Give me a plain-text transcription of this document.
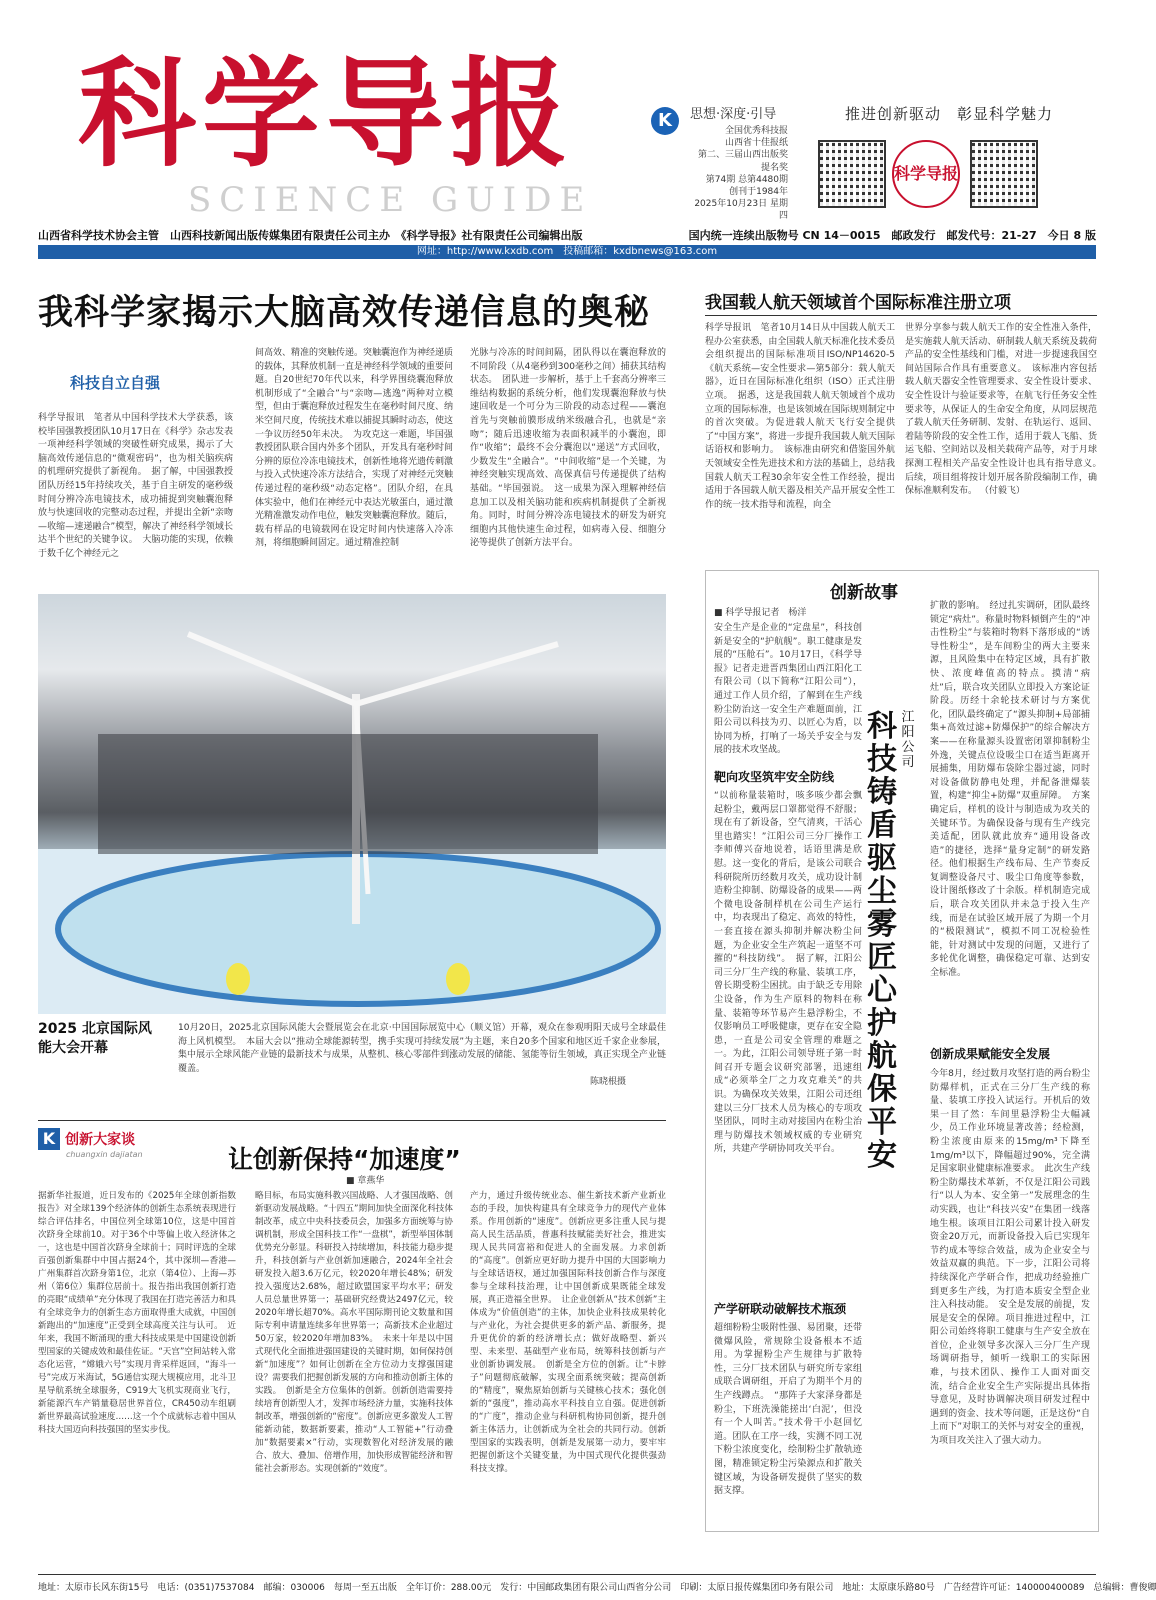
科学导报
SCIENCE GUIDE
K	思想·深度·引导
全国优秀科技报
山西省十佳报纸
第二、三届山西出版奖提名奖
第74期 总第4480期
创刊于1984年
2025年10月23日 星期四
推进创新驱动　彰显科学魅力
科学导报
山西省科学技术协会主管　山西科技新闻出版传媒集团有限责任公司主办　《科学导报》社有限责任公司编辑出版	国内统一连续出版物号 CN 14－0015　邮政发行　邮发代号：21-27　今日 8 版
网址：http://www.kxdb.com　投稿邮箱：kxdbnews@163.com
我科学家揭示大脑高效传递信息的奥秘
科技自立自强
科学导报讯　笔者从中国科学技术大学获悉，该校毕国强教授团队10月17日在《科学》杂志发表一项神经科学领域的突破性研究成果，揭示了大脑高效传递信息的“微观密码”，也为相关脑疾病的机理研究提供了新视角。　据了解，中国强教授团队历经15年持续攻关，基于自主研发的毫秒级时间分辨冷冻电镜技术，成功捕捉到突触囊泡释放与快速回收的完整动态过程，并提出全新“亲吻—收缩—速递融合”模型，解决了神经科学领域长达半个世纪的关键争议。　大脑功能的实现，依赖于数千亿个神经元之
间高效、精准的突触传递。突触囊泡作为神经递质的载体，其释放机制一直是神经科学领域的重要问题。自20世纪70年代以来，科学界围绕囊泡释放机制形成了“全融合”与“亲吻—逃逸”两种对立模型，但由于囊泡释放过程发生在毫秒时间尺度、纳米空间尺度，传统技术难以捕捉其瞬时动态，使这一争议历经50年未决。　为攻克这一难题，毕国强教授团队联合国内外多个团队，开发具有毫秒时间分辨的原位冷冻电镜技术，创新性地将光遗传刺激与投入式快速冷冻方法结合，实现了对神经元突触传递过程的毫秒级“动态定格”。团队介绍，在具体实验中，他们在神经元中表达光敏蛋白，通过激光精准激发动作电位，触发突触囊泡释放。随后，载有样品的电镜载网在设定时间内快速落入冷冻剂，将细胞瞬间固定。通过精准控制
光脉与冷冻的时间间隔，团队得以在囊泡释放的不同阶段（从4毫秒到300毫秒之间）捕获其结构状态。　团队进一步解析，基于上千套高分辨率三维结构数据的系统分析，他们发现囊泡释放与快速回收是一个可分为三阶段的动态过程——囊泡首先与突触前膜形成纳米级融合孔，也就是“亲吻”；随后迅速收缩为表面积减半的小囊泡，即作“收缩”；最终不会分囊泡以“递送”方式回收，少数发生“全融合”。“中间收缩”是一个关键，为神经突触实现高效、高保真信号传递提供了结构基础。“毕国强说。　这一成果为深入理解神经信息加工以及相关脑功能和疾病机制提供了全新视角。同时，时间分辨冷冻电镜技术的研发为研究细胞内其他快速生命过程，如病毒入侵、细胞分泌等提供了创新方法平台。
我国载人航天领域首个国际标准注册立项
科学导报讯　笔者10月14日从中国载人航天工程办公室获悉，由全国载人航天标准化技术委员会组织提出的国际标准项目ISO/NP14620-5《航天系统—安全性要求—第5部分：载人航天器》，近日在国际标准化组织（ISO）正式注册立项。　据悉，这是我国载人航天领域首个成功立项的国际标准，也是该领域在国际规则制定中的首次突破。为促进载人航天飞行安全提供了“中国方案”，将进一步提升我国载人航天国际话语权和影响力。　该标准由研究和借鉴国外航天领域安全性先进技术和方法的基础上，总结我国载人航天工程30余年安全性工作经验，提出适用于各国载人航天器及相关产品开展安全性工作的统一技术指导和流程，向全
世界分享参与载人航天工作的安全性准入条件，是实施载人航天活动、研制载人航天系统及载荷产品的安全性基线和门槛，对进一步提速我国空间站国际合作具有重要意义。　该标准内容包括载人航天器安全性管理要求、安全性设计要求、安全性设计与验证要求等，在航飞行任务安全性要求等，从保证人的生命安全角度，从同层规范了载人航天任务研制、发射、在轨运行、返回、着陆等阶段的安全性工作，适用于载人飞船、货运飞船、空间站以及相关载荷产品等，对于月球探测工程相关产品安全性设计也具有指导意义。　后续，项目组将按计划开展各阶段编制工作，确保标准顺利发布。 （付毅飞）
2025 北京国际风能大会开幕
10月20日，2025北京国际风能大会暨展览会在北京·中国国际展览中心（顺义馆）开幕，观众在参观明阳天成号全球最佳海上风机模型。　本届大会以“推动全球能源转型，携手实现可持续发展”为主题，来自20多个国家和地区近千家企业参展，集中展示全球风能产业链的最新技术与成果，从整机、核心零部件到涨动发展的储能、氢能等衍生领域，真正实现全产业链覆盖。
陈晓根摄
K 创新大家谈
chuangxin dajiatan	让创新保持“加速度”
■ 章燕华
据新华社报道，近日发布的《2025年全球创新指数报告》对全球139个经济体的创新生态系统表现进行综合评估排名，中国位列全球第10位，这是中国首次跻身全球前10。对于36个中等偏上收入经济体之一，这也是中国首次跻身全球前十；同时评选的全球百强创新集群中中国占据24个，其中深圳—香港—广州集群首次跻身第1位，北京（第4位）、上海—苏州（第6位）集群位居前十。报告指出我国创新打造的亮眼“成绩单”充分体现了我国在打造完善活力和具有全球竞争力的创新生态方面取得重大成就，中国创新跑出的“加速度”正受到全球高度关注与认可。　近年来，我国不断涌现的重大科技成果是中国建设创新型国家的关键成效和最佳佐证。“天宫”空间站转入常态化运营，“嫦娥六号”实现月背采样返回，“海斗一号”完成万米海试，5G通信实现大规模应用，北斗卫星导航系统全球服务，C919大飞机实现商业飞行，新能源汽车产销量稳居世界首位，CR450动车组刷新世界最高试验速度……这一个个成就标志着中国从科技大国迈向科技强国的坚实步伐。
略目标，布局实施科教兴国战略、人才强国战略、创新驱动发展战略。“十四五”期间加快全面深化科技体制改革，成立中央科技委员会，加强多方面统筹与协调机制，形成全国科技工作“一盘棋”，新型举国体制优势充分彰显。科研投入持续增加，科技能力稳步提升，科技创新与产业创新加速融合，2024年全社会研发投入超3.6万亿元，较2020年增长48%；研发投入强度达2.68%，超过欧盟国家平均水平；研发人员总量世界第一；基础研究经费达2497亿元，较2020年增长超70%。高水平国际期刊论文数量和国际专利申请量连续多年世界第一；高新技术企业超过50万家，较2020年增加83%。　未来十年是以中国式现代化全面推进强国建设的关键时期，如何保持创新“加速度”？如何让创新在全方位动力支撑强国建设？需要我们把握创新发展的方向和推动创新主体的实践。　创新是全方位集体的创新。创新创造需要持续培育创新型人才，发挥市场经济力量，实施科技体制改革，增强创新的“密度”。创新应更多激发人工智能新动能，数据新要素，推动“人工智能+”行动叠加“数据要素×”行动，实现数智化对经济发展的融合、放大、叠加、倍增作用，加快形成智能经济和智能社会新形态。实现创新的“效度”。
产力，通过升级传统业态、催生新技术新产业新业态的手段，加快构建具有全球竞争力的现代产业体系。作用创新的“速度”。创新应更多注重人民与提高人民生活品质，普惠科技赋能美好社会，推进实现人民共同富裕和促进人的全面发展。力求创新的“高度”。创新应更好助力提升中国的大国影响力与全球话语权，通过加强国际科技创新合作与深度参与全球科技治理，让中国创新成果既能全球发展，真正造福全世界。　让企业创新从“技术创新”主体成为“价值创造”的主体，加快企业科技成果转化与产业化，为社会提供更多的新产品、新服务，提升更优价的新的经济增长点；做好战略型、新兴型、未来型、基础型产业布局，统筹科技创新与产业创新协调发展。　创新是全方位的创新。让“卡脖子”问题彻底破解，实现全面系统突破；提高创新的“精度”，聚焦原始创新与关键核心技术；强化创新的“强度”，推动高水平科技自立自强。促进创新的“广度”，推动企业与科研机构协同创新，提升创新主体活力，让创新成为全社会的共同行动。创新型国家的实践表明，创新是发展第一动力，要牢牢把握创新这个关键变量，为中国式现代化提供强劲科技支撑。
创新故事
■ 科学导报记者　杨洋
安全生产是企业的“定盘星”，科技创新是安全的“护航舰”。职工健康是发展的“压舱石”。10月17日，《科学导报》记者走进晋西集团山西江阳化工有限公司（以下简称“江阳公司”），通过工作人员介绍，了解到在生产线粉尘防治这一安全生产难题面前，江阳公司以科技为刃、以匠心为盾，以协同为桥，打响了一场关乎安全与发展的技术攻坚战。
靶向攻坚筑牢安全防线
“以前称量装箱时，咳多咳少都会飘起粉尘，戴两层口罩都觉得不舒服；现在有了新设备，空气清爽，干活心里也踏实！”江阳公司三分厂操作工李师傅兴奋地说着，话语里满是欣慰。这一变化的背后，是该公司联合科研院所历经数月攻关，成功设计制造粉尘抑制、防爆设备的成果——两个微电设备制样机在公司生产运行中，均表现出了稳定、高效的特性，一套直接在源头抑制并解决粉尘问题，为企业安全生产筑起一道坚不可摧的“科技防线”。　据了解，江阳公司三分厂生产线的称量、装填工序，曾长期受粉尘困扰。由于缺乏专用除尘设备，作为生产原料的物料在称量、装箱等环节易产生悬浮粉尘，不仅影响员工呼吸健康，更存在安全隐患，一直是公司安全管理的难题之一。为此，江阳公司领导班子第一时间召开专题会议研究部署，迅速组成“必须举全厂之力攻克难关”的共识。为确保攻关效果，江阳公司还组建以三分厂技术人员为核心的专项攻坚团队，同时主动对接国内在粉尘治理与防爆技术领域权威的专业研究所，共建产学研协同攻关平台。
科技铸盾驱尘雾　匠心护航保平安
江阳公司
产学研联动破解技术瓶颈
超细粉粉尘吸附性强、易团聚，还带微爆风险，常规除尘设备根本不适用。为掌握粉尘产生规律与扩散特性，三分厂技术团队与研究所专家组成联合调研组，开启了为期半个月的生产线蹲点。　“那阵子大家泽身都是粉尘，下班洗澡能搓出‘白泥’，但没有一个人叫苦。”技术骨干小赵回忆道。团队在工序一线，实测不同工况下粉尘浓度变化，绘制粉尘扩散轨迹图，精准锁定粉尘污染源点和扩散关键区域，为设备研发提供了坚实的数据支撑。
扩散的影响。　经过扎实调研，团队最终锁定“病灶”。称量时物料倾倒产生的“冲击性粉尘”与装箱时物料下落形成的“诱导性粉尘”，是车间粉尘的两大主要来源，且风险集中在特定区域，具有扩散快、浓度峰值高的特点。摸清“病灶”后，联合攻关团队立即投入方案论证阶段。历经十余轮技术研讨与方案优化，团队最终确定了“源头抑制+局部捕集+高效过滤+防爆保护”的综合解决方案——在称量源头设置密闭罩抑制粉尘外逸，关键点位设吸尘口在适当距离开展捕集，用防爆布袋除尘器过滤，同时对设备做防静电处理，并配备泄爆装置，构建“抑尘+防爆”双重屏障。　方案确定后，样机的设计与制造成为攻关的关键环节。为确保设备与现有生产线完美适配，团队就此放弃“通用设备改造”的捷径，选择“量身定制”的研发路径。他们根据生产线布局、生产节奏反复调整设备尺寸、吸尘口角度等参数，设计图纸修改了十余版。样机制造完成后，联合攻关团队并未急于投入生产线，而是在试验区域开展了为期一个月的“极限测试”，模拟不同工况检验性能，针对测试中发现的问题，又进行了多轮优化调整，确保稳定可靠、达到安全标准。
创新成果赋能安全发展
今年8月，经过数月攻坚打造的两台粉尘防爆样机，正式在三分厂生产线的称量、装填工序投入试运行。开机后的效果一目了然：车间里悬浮粉尘大幅减少，员工作业环境显著改善；经检测，粉尘浓度由原来的15mg/m³下降至1mg/m³以下，降幅超过90%，完全满足国家职业健康标准要求。　此次生产线粉尘防爆技术革新，不仅是江阳公司践行“以人为本、安全第一”发展理念的生动实践，也让“科技兴安”在集团一线落地生根。该项目江阳公司累计投入研发资金20万元，而新设备投入后已实现年节约成本等综合效益，成为企业安全与效益双赢的典范。下一步，江阳公司将持续深化产学研合作，把成功经验推广到更多生产线，为打造本质安全型企业注入科技动能。　安全是发展的前提，发展是安全的保障。项目推进过程中，江阳公司始终将职工健康与生产安全放在首位，企业领导多次深入三分厂生产现场调研指导，倾听一线职工的实际困难，与技术团队、操作工人面对面交流，结合企业安全生产实际提出具体指导意见，及时协调解决项目研发过程中遇到的资金、技术等问题，正是这份“自上而下”对职工的关怀与对安全的重视，为项目攻关注入了强大动力。
地址：太原市长风东街15号　电话：(0351)7537084　邮编：030006　每周一至五出版　全年订价：288.00元　发行：中国邮政集团有限公司山西省分公司　印刷：太原日报传媒集团印务有限公司　地址：太原康乐路80号　广告经营许可证：140000400089　总编辑：曹俊卿
